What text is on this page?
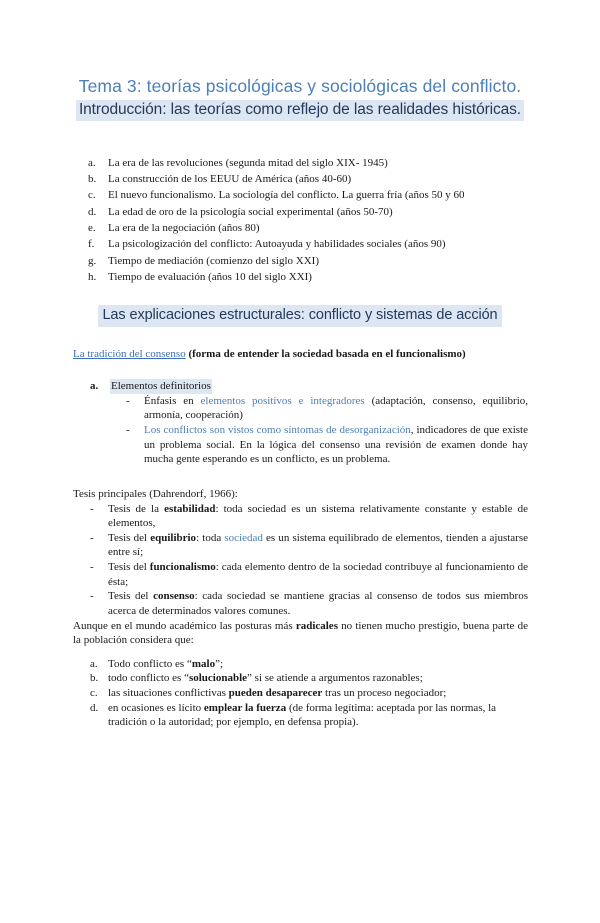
Tema 3: teorías psicológicas y sociológicas del conflicto.
Introducción: las teorías como reflejo de las realidades históricas.
a.	La era de las revoluciones (segunda mitad del siglo XIX- 1945)
b.	La construcción de los EEUU de América (años 40-60)
c.	El nuevo funcionalismo. La sociología del conflicto. La guerra fría (años 50 y 60
d.	La edad de oro de la psicología social experimental (años 50-70)
e.	La era de la negociación (años 80)
f.	La psicologización del conflicto: Autoayuda y habilidades sociales (años 90)
g.	Tiempo de mediación (comienzo del siglo XXI)
h.	Tiempo de evaluación (años 10 del siglo XXI)
Las explicaciones estructurales: conflicto y sistemas de acción
La tradición del consenso (forma de entender la sociedad basada en el funcionalismo)
a.	Elementos definitorios
-	Énfasis en elementos positivos e integradores (adaptación, consenso, equilibrio, armonía, cooperación)
-	Los conflictos son vistos como síntomas de desorganización, indicadores de que existe un problema social. En la lógica del consenso una revisión de examen donde hay mucha gente esperando es un conflicto, es un problema.
Tesis principales (Dahrendorf, 1966):
-	Tesis de la estabilidad: toda sociedad es un sistema relativamente constante y estable de elementos,
-	Tesis del equilibrio: toda sociedad es un sistema equilibrado de elementos, tienden a ajustarse entre sí;
-	Tesis del funcionalismo: cada elemento dentro de la sociedad contribuye al funcionamiento de ésta;
-	Tesis del consenso: cada sociedad se mantiene gracias al consenso de todos sus miembros acerca de determinados valores comunes.
Aunque en el mundo académico las posturas más radicales no tienen mucho prestigio, buena parte de la población considera que:
a. Todo conflicto es “malo”;
b. todo conflicto es “solucionable” si se atiende a argumentos razonables;
c. las situaciones conflictivas pueden desaparecer tras un proceso negociador;
d. en ocasiones es lícito emplear la fuerza (de forma legítima: aceptada por las normas, la tradición o la autoridad; por ejemplo, en defensa propia).
